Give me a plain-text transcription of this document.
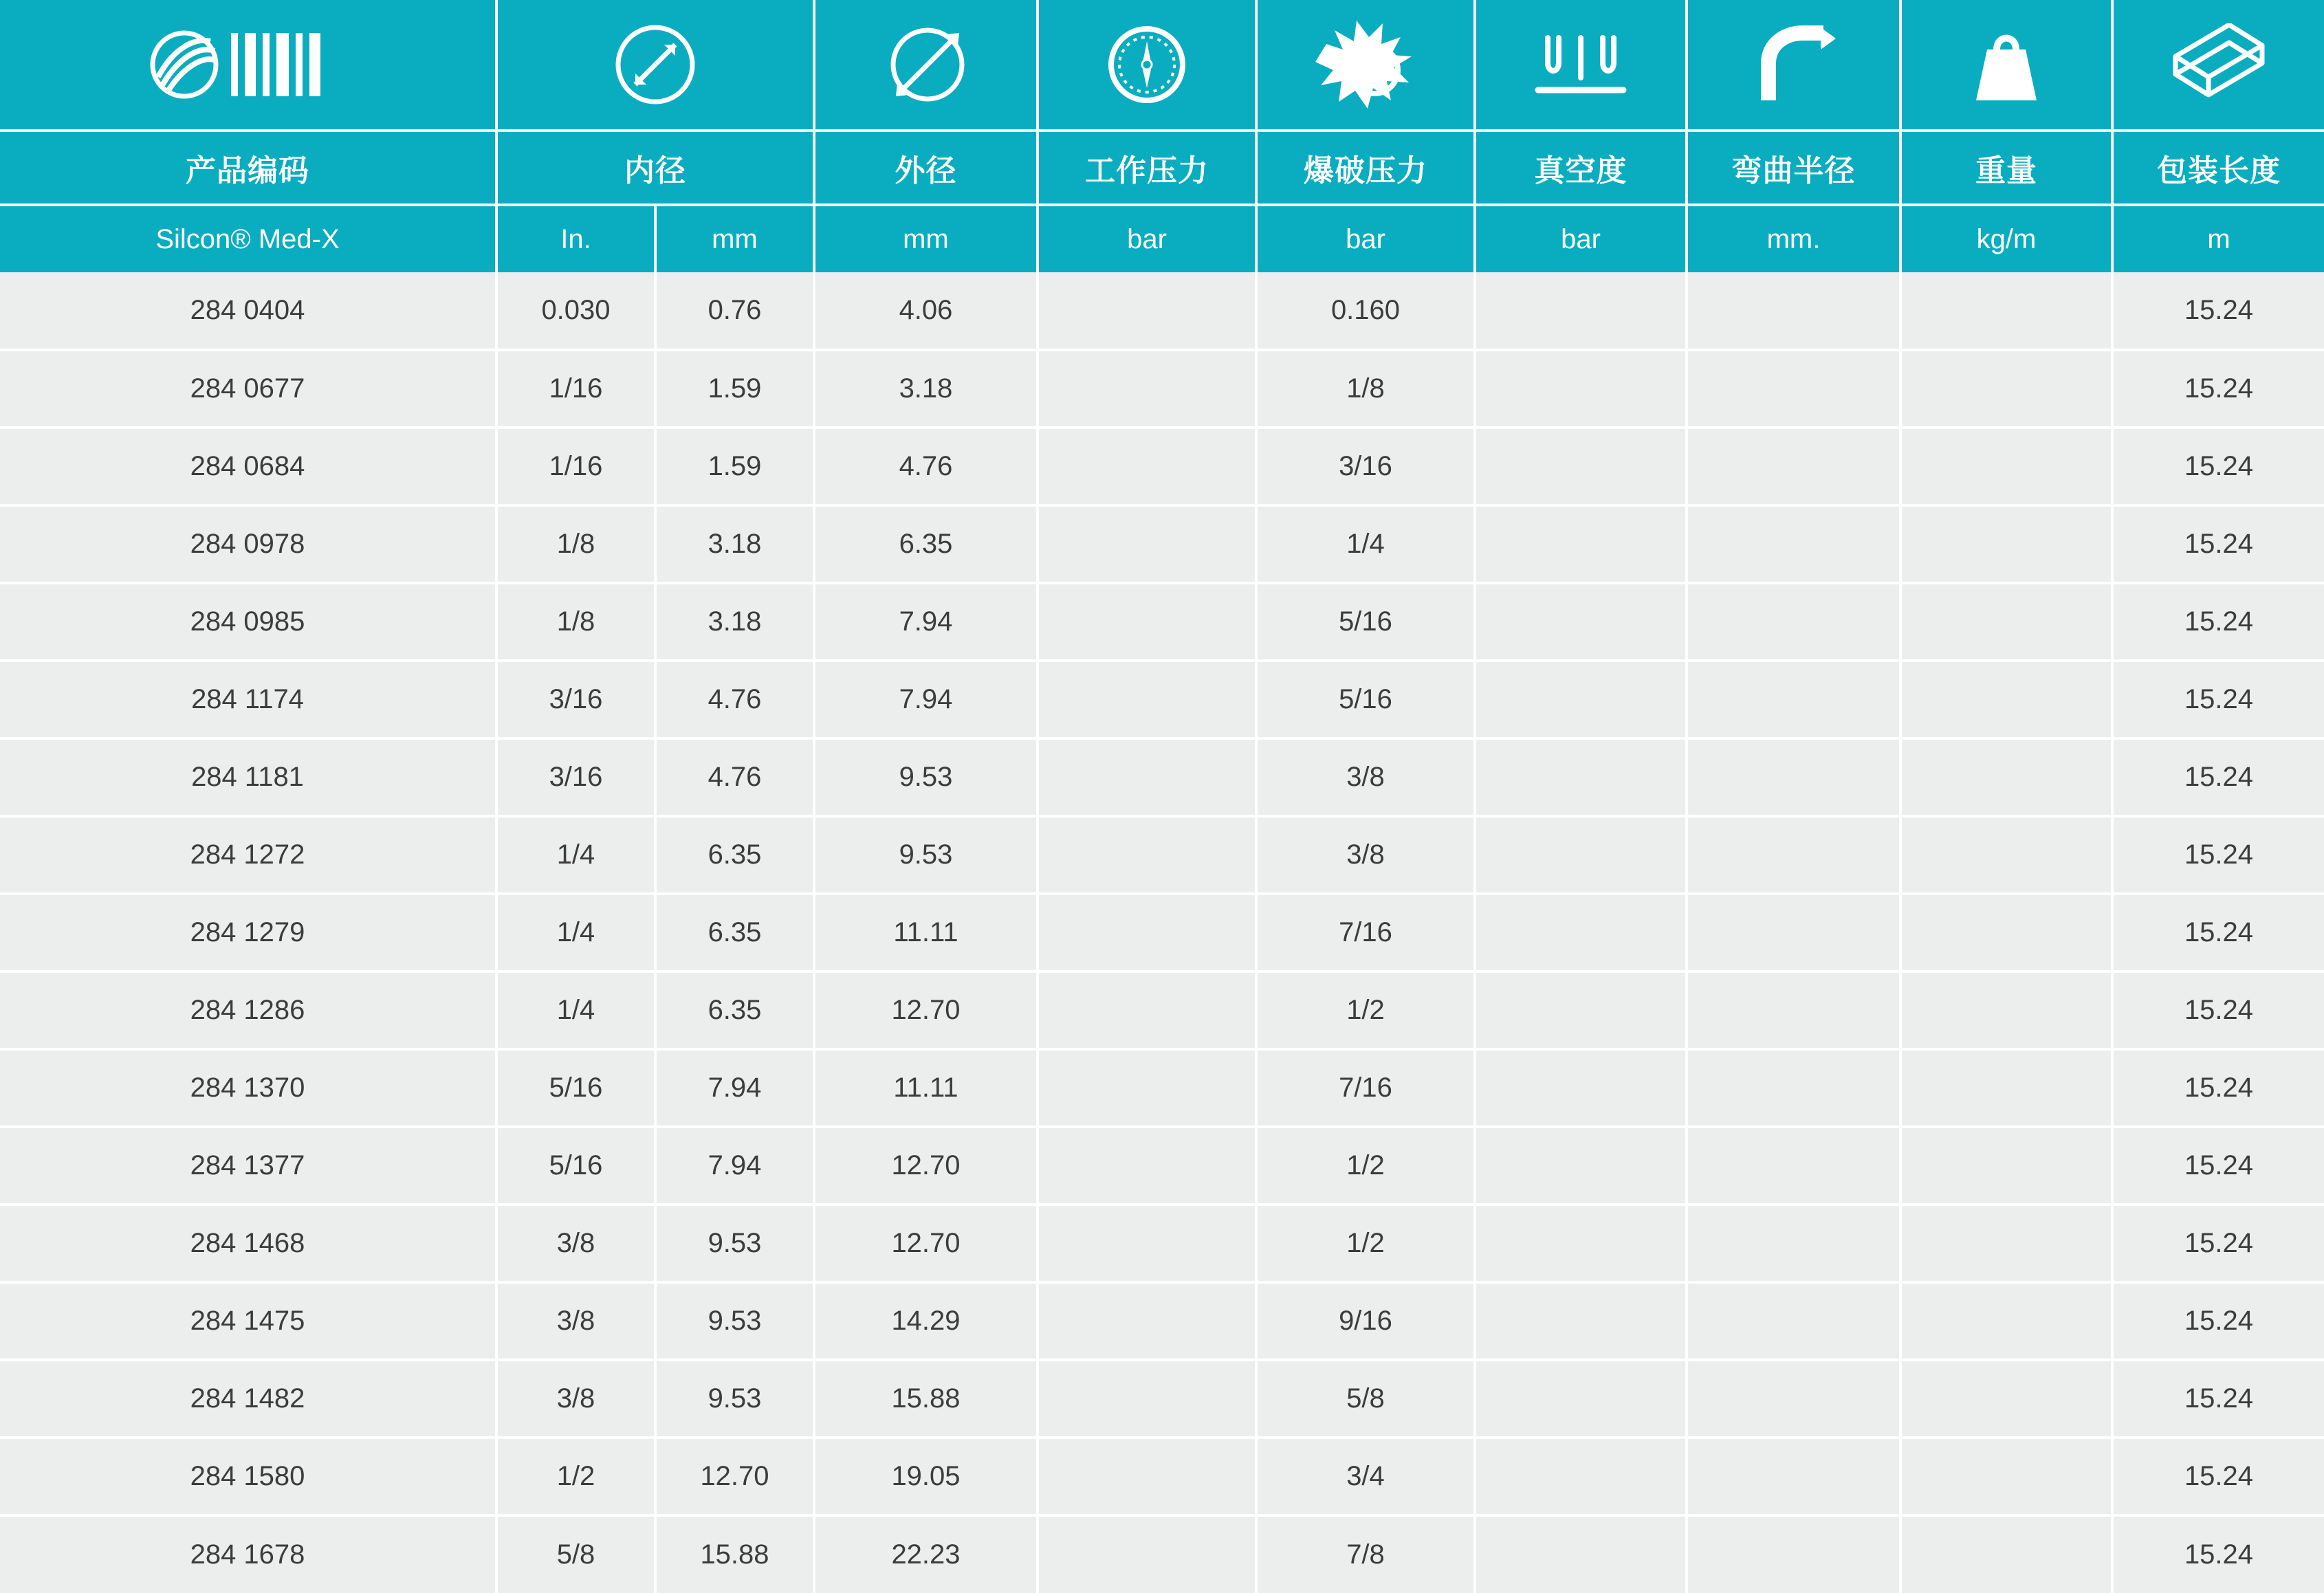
产品编码	内径		外径	工作压力	爆破压力	真空度	弯曲半径	重量	包装长度
Silcon® Med-X	In.	mm	mm	bar	bar	bar	mm.	kg/m	m
284 0404	0.030	0.76	4.06		0.160				15.24
284 0677	1/16	1.59	3.18		1/8				15.24
284 0684	1/16	1.59	4.76		3/16				15.24
284 0978	1/8	3.18	6.35		1/4				15.24
284 0985	1/8	3.18	7.94		5/16				15.24
284 1174	3/16	4.76	7.94		5/16				15.24
284 1181	3/16	4.76	9.53		3/8				15.24
284 1272	1/4	6.35	9.53		3/8				15.24
284 1279	1/4	6.35	11.11		7/16				15.24
284 1286	1/4	6.35	12.70		1/2				15.24
284 1370	5/16	7.94	11.11		7/16				15.24
284 1377	5/16	7.94	12.70		1/2				15.24
284 1468	3/8	9.53	12.70		1/2				15.24
284 1475	3/8	9.53	14.29		9/16				15.24
284 1482	3/8	9.53	15.88		5/8				15.24
284 1580	1/2	12.70	19.05		3/4				15.24
284 1678	5/8	15.88	22.23		7/8				15.24
